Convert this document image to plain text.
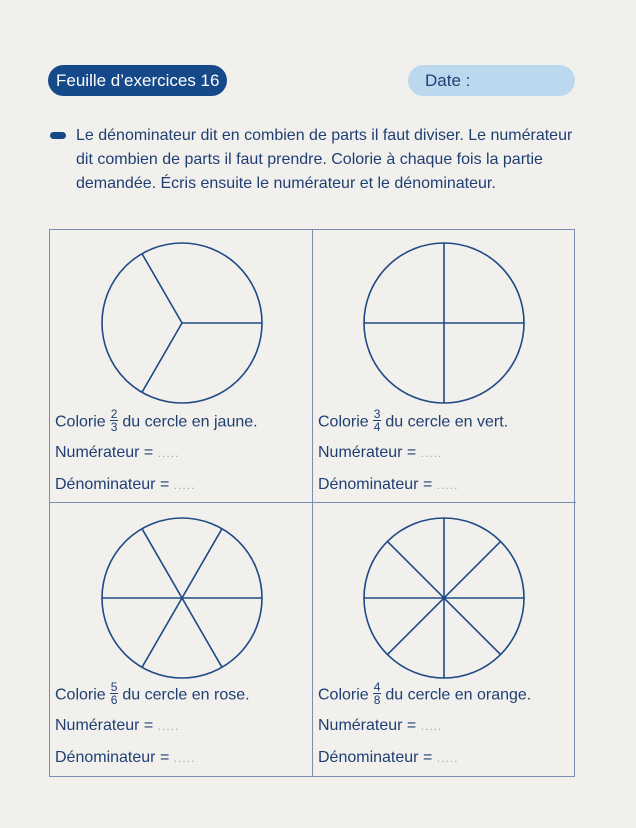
Feuille d’exercices 16	Date :
Le dénominateur dit en combien de parts il faut diviser. Le numérateur dit combien de parts il faut prendre. Colorie à chaque fois la partie demandée. Écris ensuite le numérateur et le dénominateur.
Colorie $\frac{2}{3}$ du cercle en jaune.
Numérateur = .....
Dénominateur = .....
Colorie $\frac{3}{4}$ du cercle en vert.
Numérateur = .....
Dénominateur = .....
Colorie $\frac{5}{6}$ du cercle en rose.
Numérateur = .....
Dénominateur = .....
Colorie $\frac{4}{8}$ du cercle en orange.
Numérateur = .....
Dénominateur = .....
